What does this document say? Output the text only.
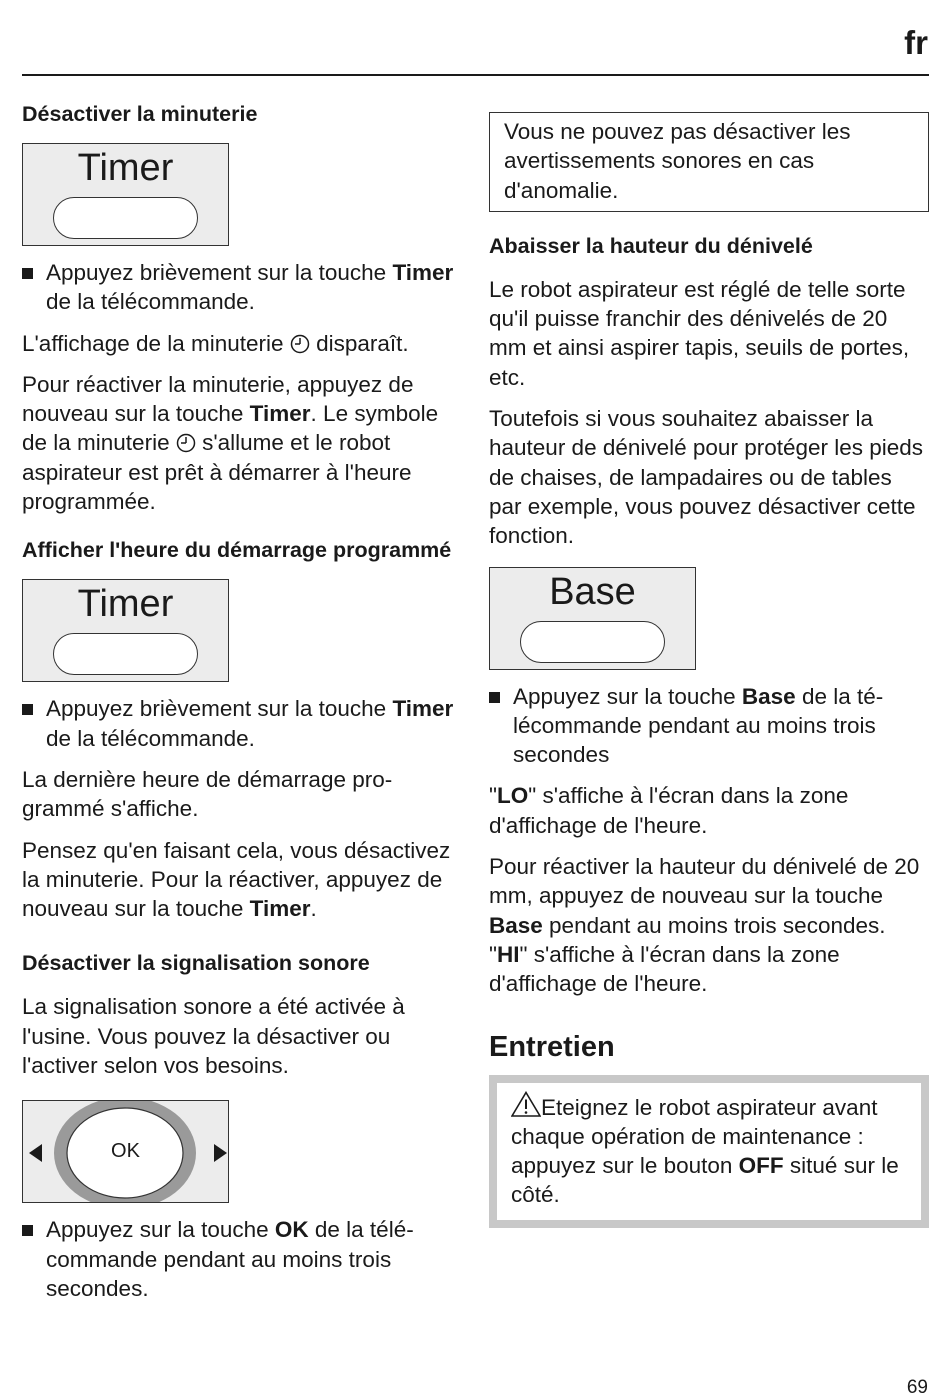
fr
Désactiver la minuterie
Timer

Appuyez brièvement sur la touche Timer de la télécommande.

L'affichage de la minuterie  disparaît.

Pour réactiver la minuterie, appuyez de nouveau sur la touche Timer. Le symbole de la minuterie  s'allume et le robot aspirateur est prêt à démarrer à l'heure programmée.

Afficher l'heure du démarrage programmé
Timer

Appuyez brièvement sur la touche Timer de la télécommande.

La dernière heure de démarrage programmé s'affiche.

Pensez qu'en faisant cela, vous désactivez la minuterie. Pour la réactiver, appuyez de nouveau sur la touche Timer.

Désactiver la signalisation sonore

La signalisation sonore a été activée à l'usine. Vous pouvez la désactiver ou l'activer selon vos besoins.

OK

Appuyez sur la touche OK de la télécommande pendant au moins trois secondes.

Vous ne pouvez pas désactiver les avertissements sonores en cas d'anomalie.

Abaisser la hauteur du dénivelé

Le robot aspirateur est réglé de telle sorte qu'il puisse franchir des dénivelés de 20 mm et ainsi aspirer tapis, seuils de portes, etc.

Toutefois si vous souhaitez abaisser la hauteur de dénivelé pour protéger les pieds de chaises, de lampadaires ou de tables par exemple, vous pouvez désactiver cette fonction.

Base

Appuyez sur la touche Base de la télécommande pendant au moins trois secondes

"LO" s'affiche à l'écran dans la zone d'affichage de l'heure.

Pour réactiver la hauteur du dénivelé de 20 mm, appuyez de nouveau sur la touche Base pendant au moins trois secondes. "HI" s'affiche à l'écran dans la zone d'affichage de l'heure.

Entretien

Eteignez le robot aspirateur avant chaque opération de maintenance : appuyez sur le bouton OFF situé sur le côté.

69
